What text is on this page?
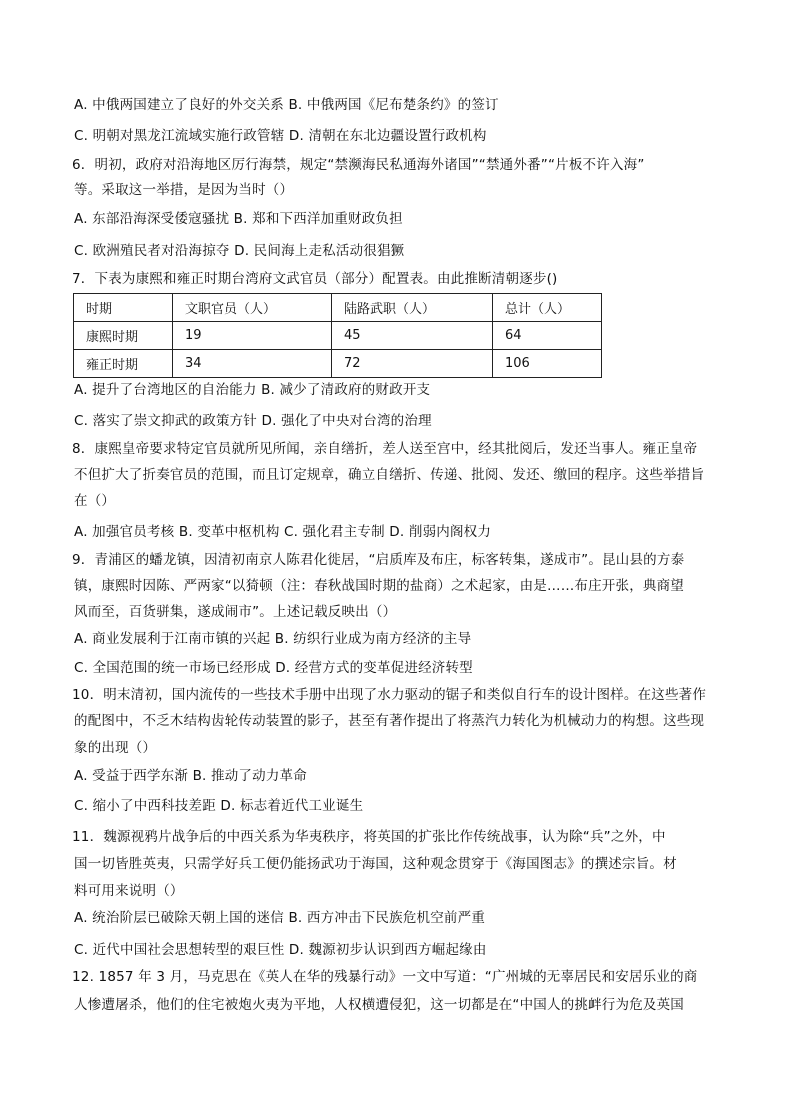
A. 中俄两国建立了良好的外交关系 B. 中俄两国《尼布楚条约》的签订
C. 明朝对黑龙江流域实施行政管辖 D. 清朝在东北边疆设置行政机构
6．明初，政府对沿海地区厉行海禁，规定“禁濒海民私通海外诸国”“禁通外番”“片板不许入海”
等。采取这一举措，是因为当时（）
A. 东部沿海深受倭寇骚扰 B. 郑和下西洋加重财政负担
C. 欧洲殖民者对沿海掠夺 D. 民间海上走私活动很猖獗
7．下表为康熙和雍正时期台湾府文武官员（部分）配置表。由此推断清朝逐步()
时期	文职官员（人）	陆路武职（人）	总计（人）
康熙时期	19	45	64
雍正时期	34	72	106
A. 提升了台湾地区的自治能力 B. 减少了清政府的财政开支
C. 落实了崇文抑武的政策方针 D. 强化了中央对台湾的治理
8．康熙皇帝要求特定官员就所见所闻，亲自缮折，差人送至宫中，经其批阅后，发还当事人。雍正皇帝
不但扩大了折奏官员的范围，而且订定规章，确立自缮折、传递、批阅、发还、缴回的程序。这些举措旨
在（）
A. 加强官员考核 B. 变革中枢机构 C. 强化君主专制 D. 削弱内阁权力
9．青浦区的蟠龙镇，因清初南京人陈君化徙居，“启质库及布庄，标客转集，遂成市”。昆山县的方泰
镇，康熙时因陈、严两家“以猗顿（注：春秋战国时期的盐商）之术起家，由是……布庄开张，典商望
风而至，百货骈集，遂成闹市”。上述记载反映出（）
A. 商业发展利于江南市镇的兴起 B. 纺织行业成为南方经济的主导
C. 全国范围的统一市场已经形成 D. 经营方式的变革促进经济转型
10．明末清初，国内流传的一些技术手册中出现了水力驱动的锯子和类似自行车的设计图样。在这些著作
的配图中，不乏木结构齿轮传动装置的影子，甚至有著作提出了将蒸汽力转化为机械动力的构想。这些现
象的出现（）
A. 受益于西学东渐 B. 推动了动力革命
C. 缩小了中西科技差距 D. 标志着近代工业诞生
11．魏源视鸦片战争后的中西关系为华夷秩序，将英国的扩张比作传统战事，认为除“兵”之外，中
国一切皆胜英夷，只需学好兵工便仍能扬武功于海国，这种观念贯穿于《海国图志》的撰述宗旨。材
料可用来说明（）
A. 统治阶层已破除天朝上国的迷信 B. 西方冲击下民族危机空前严重
C. 近代中国社会思想转型的艰巨性 D. 魏源初步认识到西方崛起缘由
12. 1857 年 3 月，马克思在《英人在华的残暴行动》一文中写道：“广州城的无辜居民和安居乐业的商
人惨遭屠杀，他们的住宅被炮火夷为平地，人权横遭侵犯，这一切都是在“中国人的挑衅行为危及英国
